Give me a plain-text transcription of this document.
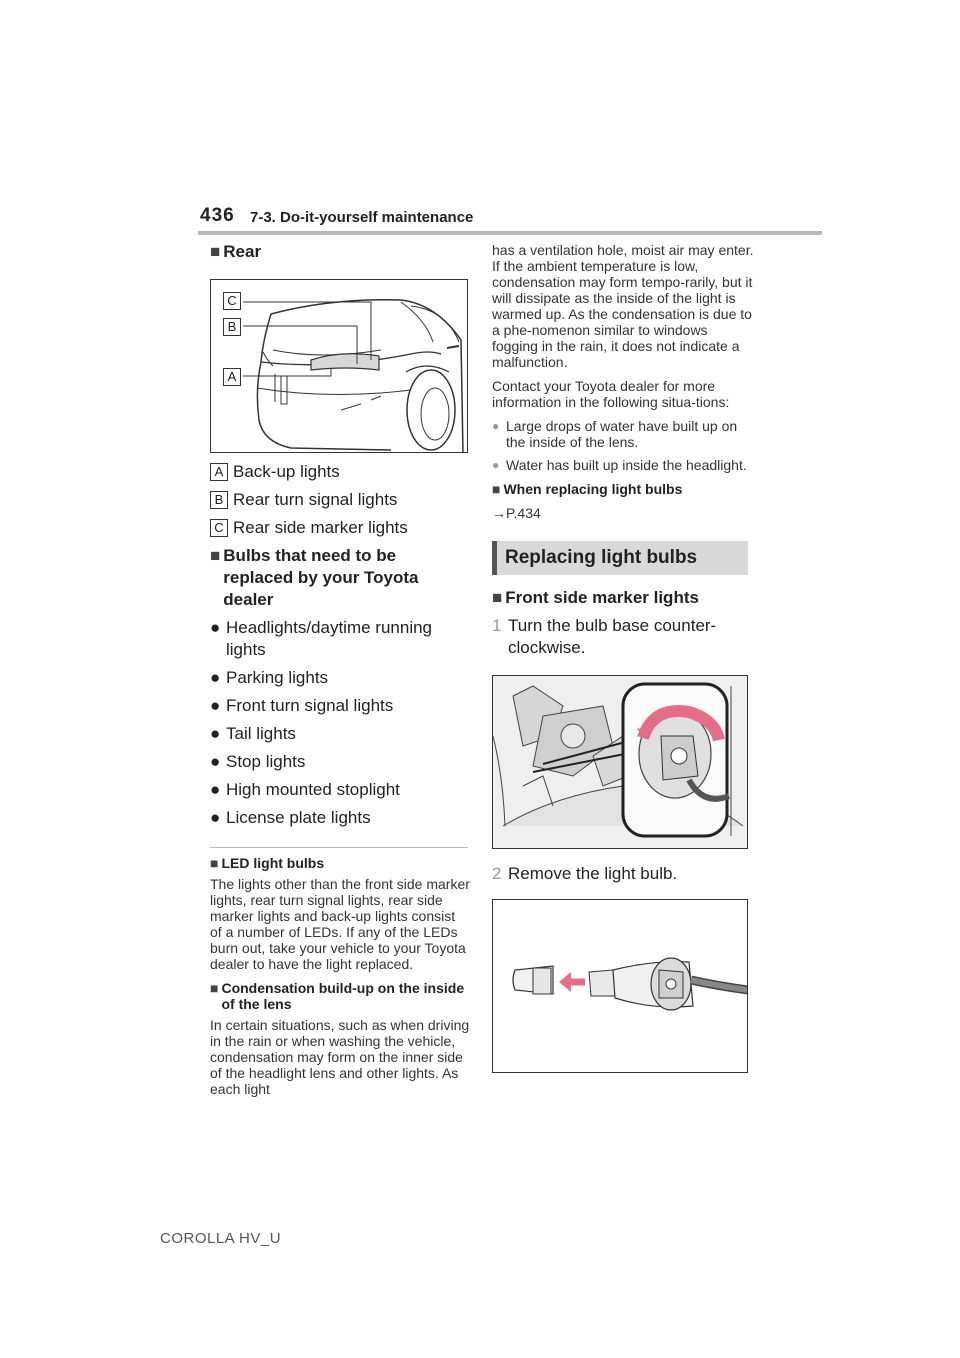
436 7-3. Do-it-yourself maintenance
■ Rear
C
B
A
A Back-up lights
B Rear turn signal lights
C Rear side marker lights
■ Bulbs that need to be replaced by your Toyota dealer
● Headlights/daytime running lights
● Parking lights
● Front turn signal lights
● Tail lights
● Stop lights
● High mounted stoplight
● License plate lights
■ LED light bulbs

The lights other than the front side marker lights, rear turn signal lights, rear side marker lights and back-up lights consist of a number of LEDs. If any of the LEDs burn out, take your vehicle to your Toyota dealer to have the light replaced.

■ Condensation build-up on the inside of the lens

In certain situations, such as when driving in the rain or when washing the vehicle, condensation may form on the inner side of the headlight lens and other lights. As each light

has a ventilation hole, moist air may enter. If the ambient temperature is low, condensation may form tempo-rarily, but it will dissipate as the inside of the light is warmed up. As the condensation is due to a phe-nomenon similar to windows fogging in the rain, it does not indicate a malfunction.

Contact your Toyota dealer for more information in the following situa-tions:

● Large drops of water have built up on the inside of the lens.
● Water has built up inside the headlight.
■ When replacing light bulbs
→P.434
Replacing light bulbs
■ Front side marker lights
1 Turn the bulb base counter-clockwise.
2 Remove the light bulb.
COROLLA HV_U
